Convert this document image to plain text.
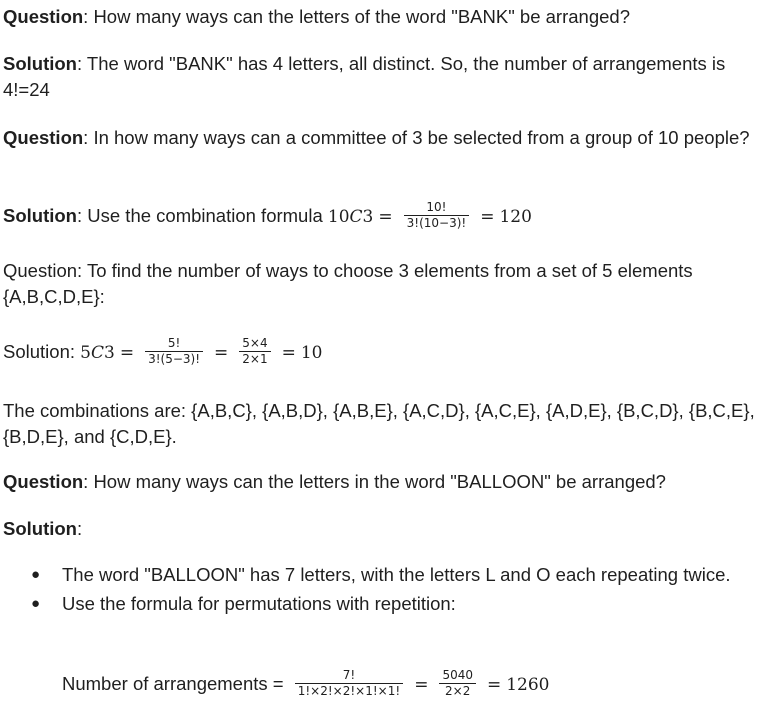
Question: How many ways can the letters of the word "BANK" be arranged?

Solution: The word "BANK" has 4 letters, all distinct. So, the number of arrangements is 4!=24

Question: In how many ways can a committee of 3 be selected from a group of 10 people?

Solution: Use the combination formula $10C3 = \frac{10!}{3!(10-3)!} = 120$

Question: To find the number of ways to choose 3 elements from a set of 5 elements {A,B,C,D,E}:

Solution: $5C3 = \frac{5!}{3!(5-3)!} = \frac{5\times 4}{2\times 1} = 10$

The combinations are: {A,B,C}, {A,B,D}, {A,B,E}, {A,C,D}, {A,C,E}, {A,D,E}, {B,C,D}, {B,C,E}, {B,D,E}, and {C,D,E}.

Question: How many ways can the letters in the word "BALLOON" be arranged?

Solution:

● The word "BALLOON" has 7 letters, with the letters L and O each repeating twice.
● Use the formula for permutations with repetition:

Number of arrangements = $\frac{7!}{1!\times 2!\times 2!\times 1!\times 1!} = \frac{5040}{2\times 2} = 1260$
